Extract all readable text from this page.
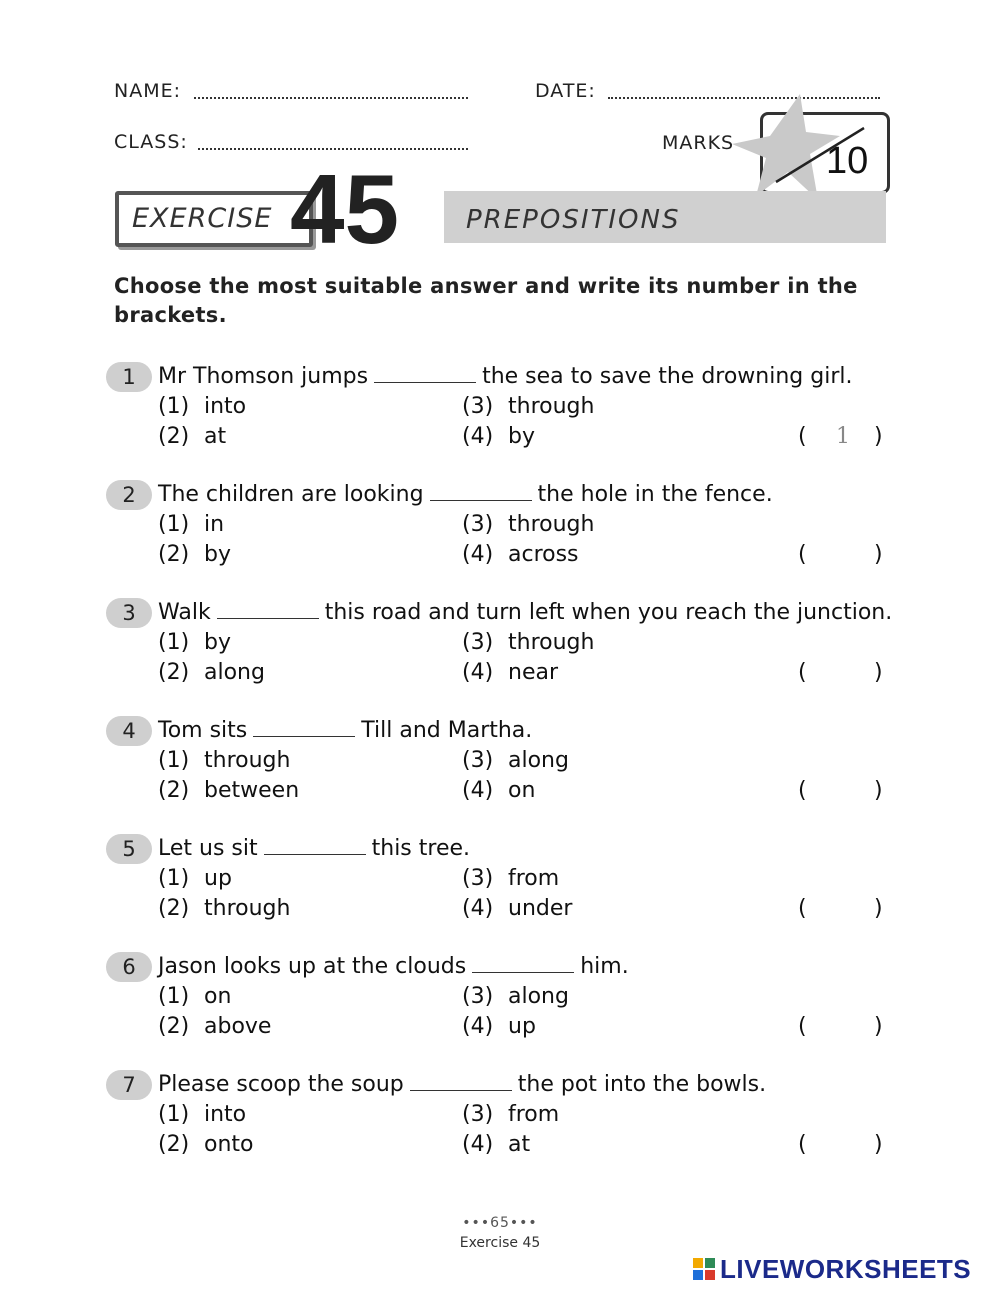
NAME:	DATE:
CLASS:	MARKS 10
EXERCISE 45	PREPOSITIONS
Choose the most suitable answer and write its number in the brackets.
1	Mr Thomson jumps	the sea to save the drowning girl.
(1) into
(2) at
(3) through
(4) by	(	1	)
2	The children are looking	the hole in the fence.
(1) in
(2) by
(3) through
(4) across	(	)
3	Walk	this road and turn left when you reach the junction.
(1) by
(2) along
(3) through
(4) near	(	)
4	Tom sits	Till and Martha.
(1) through
(2) between
(3) along
(4) on	(	)
5	Let us sit	this tree.
(1) up
(2) through
(3) from
(4) under	(	)
6	Jason looks up at the clouds	him.
(1) on
(2) above
(3) along
(4) up	(	)
7	Please scoop the soup	the pot into the bowls.
(1) into
(2) onto
(3) from
(4) at	(	)
•••65•••
Exercise 45
LIVEWORKSHEETS
